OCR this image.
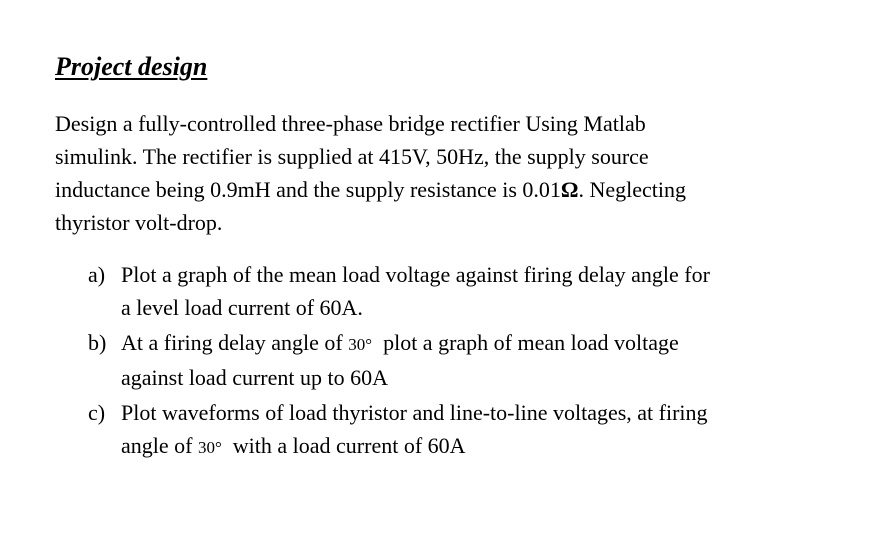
Project design

Design a fully-controlled three-phase bridge rectifier Using Matlab
simulink. The rectifier is supplied at 415V, 50Hz, the supply source
inductance being 0.9mH and the supply resistance is 0.01Ω. Neglecting
thyristor volt-drop.

a) Plot a graph of the mean load voltage against firing delay angle for
a level load current of 60A.
b) At a firing delay angle of 30° plot a graph of mean load voltage
against load current up to 60A
c) Plot waveforms of load thyristor and line-to-line voltages, at firing
angle of 30° with a load current of 60A
